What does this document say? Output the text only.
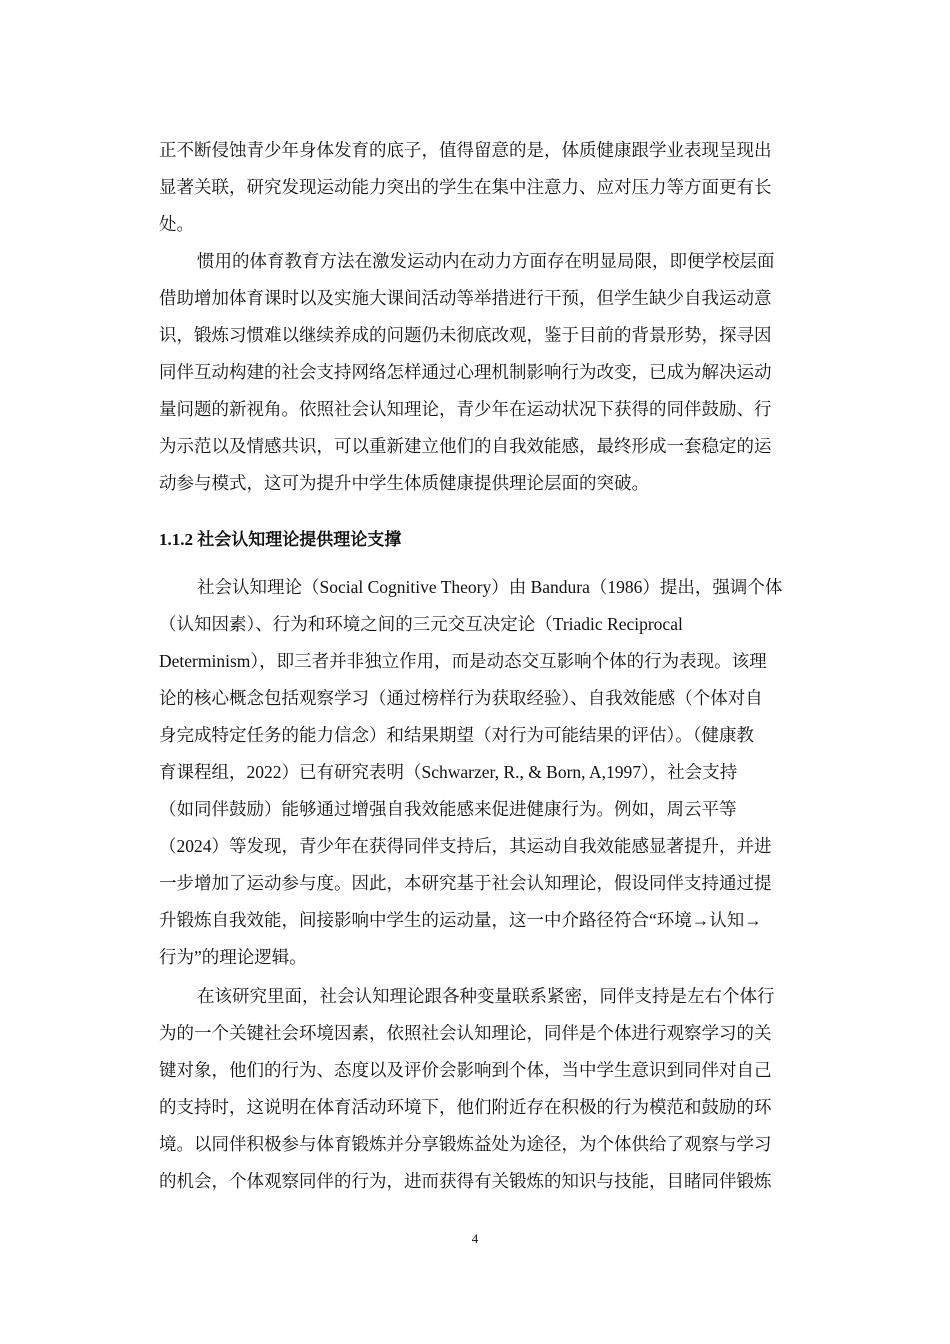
正不断侵蚀青少年身体发育的底子，值得留意的是，体质健康跟学业表现呈现出
显著关联，研究发现运动能力突出的学生在集中注意力、应对压力等方面更有长
处。
惯用的体育教育方法在激发运动内在动力方面存在明显局限，即便学校层面
借助增加体育课时以及实施大课间活动等举措进行干预，但学生缺少自我运动意
识，锻炼习惯难以继续养成的问题仍未彻底改观，鉴于目前的背景形势，探寻因
同伴互动构建的社会支持网络怎样通过心理机制影响行为改变，已成为解决运动
量问题的新视角。依照社会认知理论，青少年在运动状况下获得的同伴鼓励、行
为示范以及情感共识，可以重新建立他们的自我效能感，最终形成一套稳定的运
动参与模式，这可为提升中学生体质健康提供理论层面的突破。
1.1.2 社会认知理论提供理论支撑
社会认知理论（Social Cognitive Theory）由 Bandura（1986）提出，强调个体
（认知因素）、行为和环境之间的三元交互决定论（Triadic Reciprocal
Determinism），即三者并非独立作用，而是动态交互影响个体的行为表现。该理
论的核心概念包括观察学习（通过榜样行为获取经验）、自我效能感（个体对自
身完成特定任务的能力信念）和结果期望（对行为可能结果的评估）。（健康教
育课程组，2022）已有研究表明（Schwarzer, R., & Born, A,1997），社会支持
（如同伴鼓励）能够通过增强自我效能感来促进健康行为。例如，周云平等
（2024）等发现，青少年在获得同伴支持后，其运动自我效能感显著提升，并进
一步增加了运动参与度。因此，本研究基于社会认知理论，假设同伴支持通过提
升锻炼自我效能，间接影响中学生的运动量，这一中介路径符合“环境→认知→
行为”的理论逻辑。
在该研究里面，社会认知理论跟各种变量联系紧密，同伴支持是左右个体行
为的一个关键社会环境因素，依照社会认知理论，同伴是个体进行观察学习的关
键对象，他们的行为、态度以及评价会影响到个体，当中学生意识到同伴对自己
的支持时，这说明在体育活动环境下，他们附近存在积极的行为模范和鼓励的环
境。以同伴积极参与体育锻炼并分享锻炼益处为途径，为个体供给了观察与学习
的机会，个体观察同伴的行为，进而获得有关锻炼的知识与技能，目睹同伴锻炼
4
